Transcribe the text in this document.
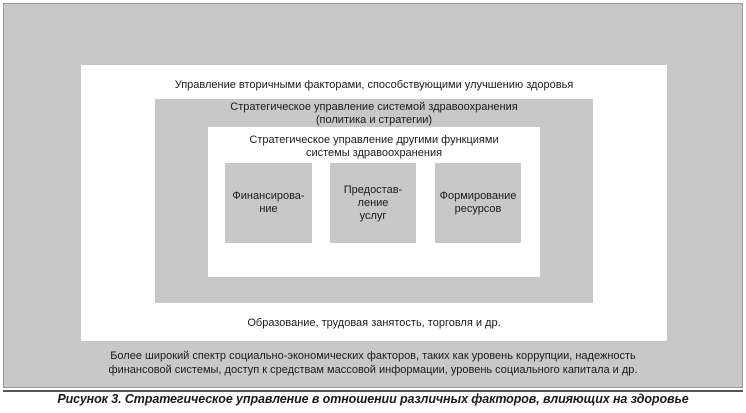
Финансирова-
ние
Предостав-
ление
услуг
Формирование
ресурсов
Управление вторичными факторами, способствующими улучшению здоровья
Стратегическое управление системой здравоохранения
(политика и стратегии)
Стратегическое управление другими функциями
системы здравоохранения
Образование, трудовая занятость, торговля и др.
Более широкий спектр социально-экономических факторов, таких как уровень коррупции, надежность
финансовой системы, доступ к средствам массовой информации, уровень социального капитала и др.
Рисунок 3. Стратегическое управление в отношении различных факторов, влияющих на здоровье
